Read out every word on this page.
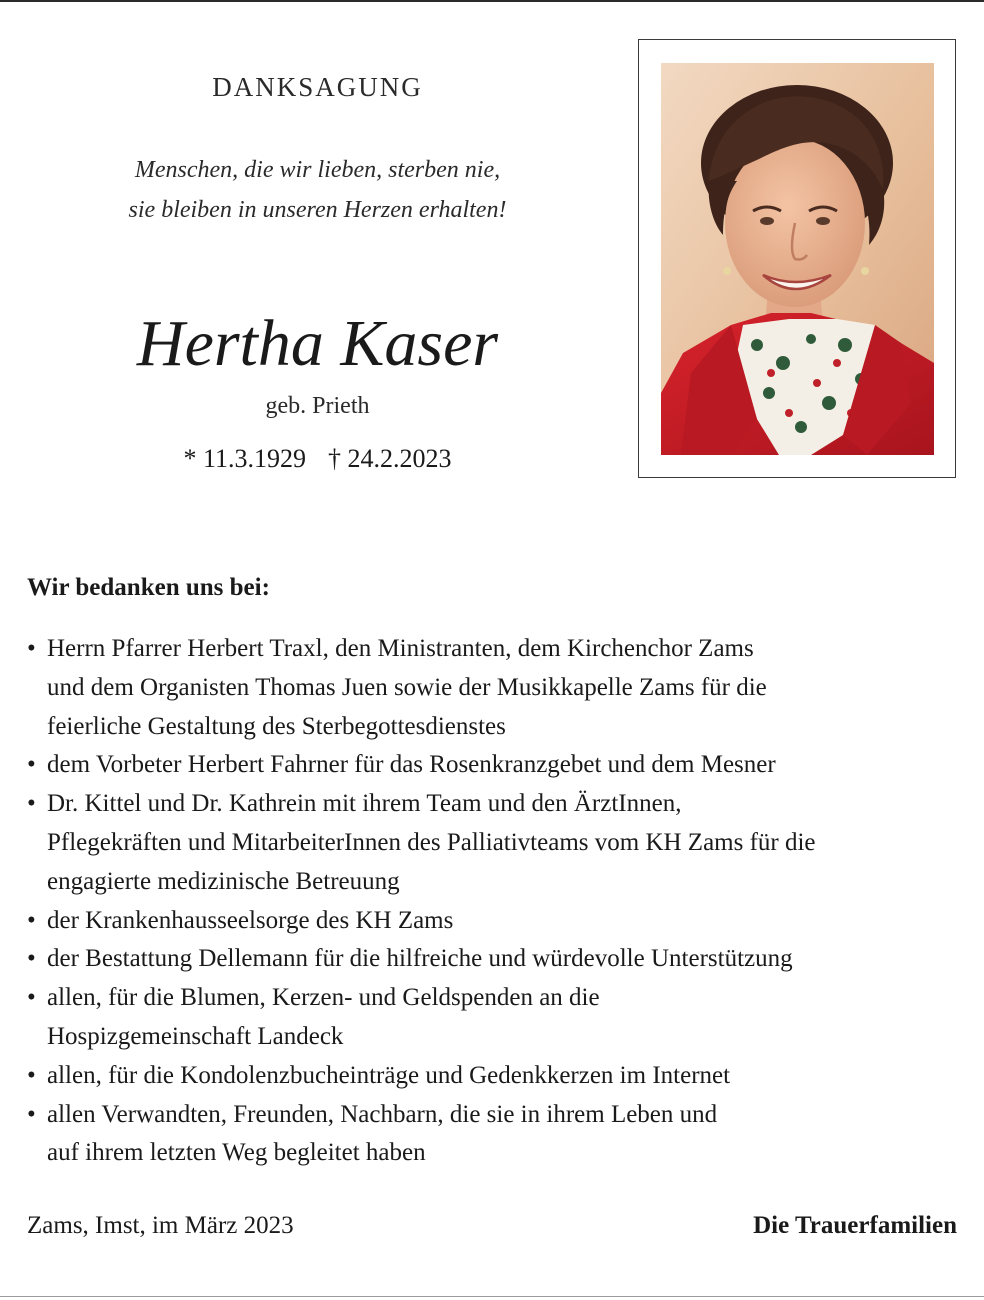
DANKSAGUNG
Menschen, die wir lieben, sterben nie,
sie bleiben in unseren Herzen erhalten!
Hertha Kaser
geb. Prieth
* 11.3.1929 † 24.2.2023
Wir bedanken uns bei:
• Herrn Pfarrer Herbert Traxl, den Ministranten, dem Kirchenchor Zams
und dem Organisten Thomas Juen sowie der Musikkapelle Zams für die
feierliche Gestaltung des Sterbegottesdienstes
• dem Vorbeter Herbert Fahrner für das Rosenkranzgebet und dem Mesner
• Dr. Kittel und Dr. Kathrein mit ihrem Team und den ÄrztInnen,
Pflegekräften und MitarbeiterInnen des Palliativteams vom KH Zams für die
engagierte medizinische Betreuung
• der Krankenhausseelsorge des KH Zams
• der Bestattung Dellemann für die hilfreiche und würdevolle Unterstützung
• allen, für die Blumen, Kerzen- und Geldspenden an die
Hospizgemeinschaft Landeck
• allen, für die Kondolenzbucheinträge und Gedenkkerzen im Internet
• allen Verwandten, Freunden, Nachbarn, die sie in ihrem Leben und
auf ihrem letzten Weg begleitet haben
Zams, Imst, im März 2023	Die Trauerfamilien
